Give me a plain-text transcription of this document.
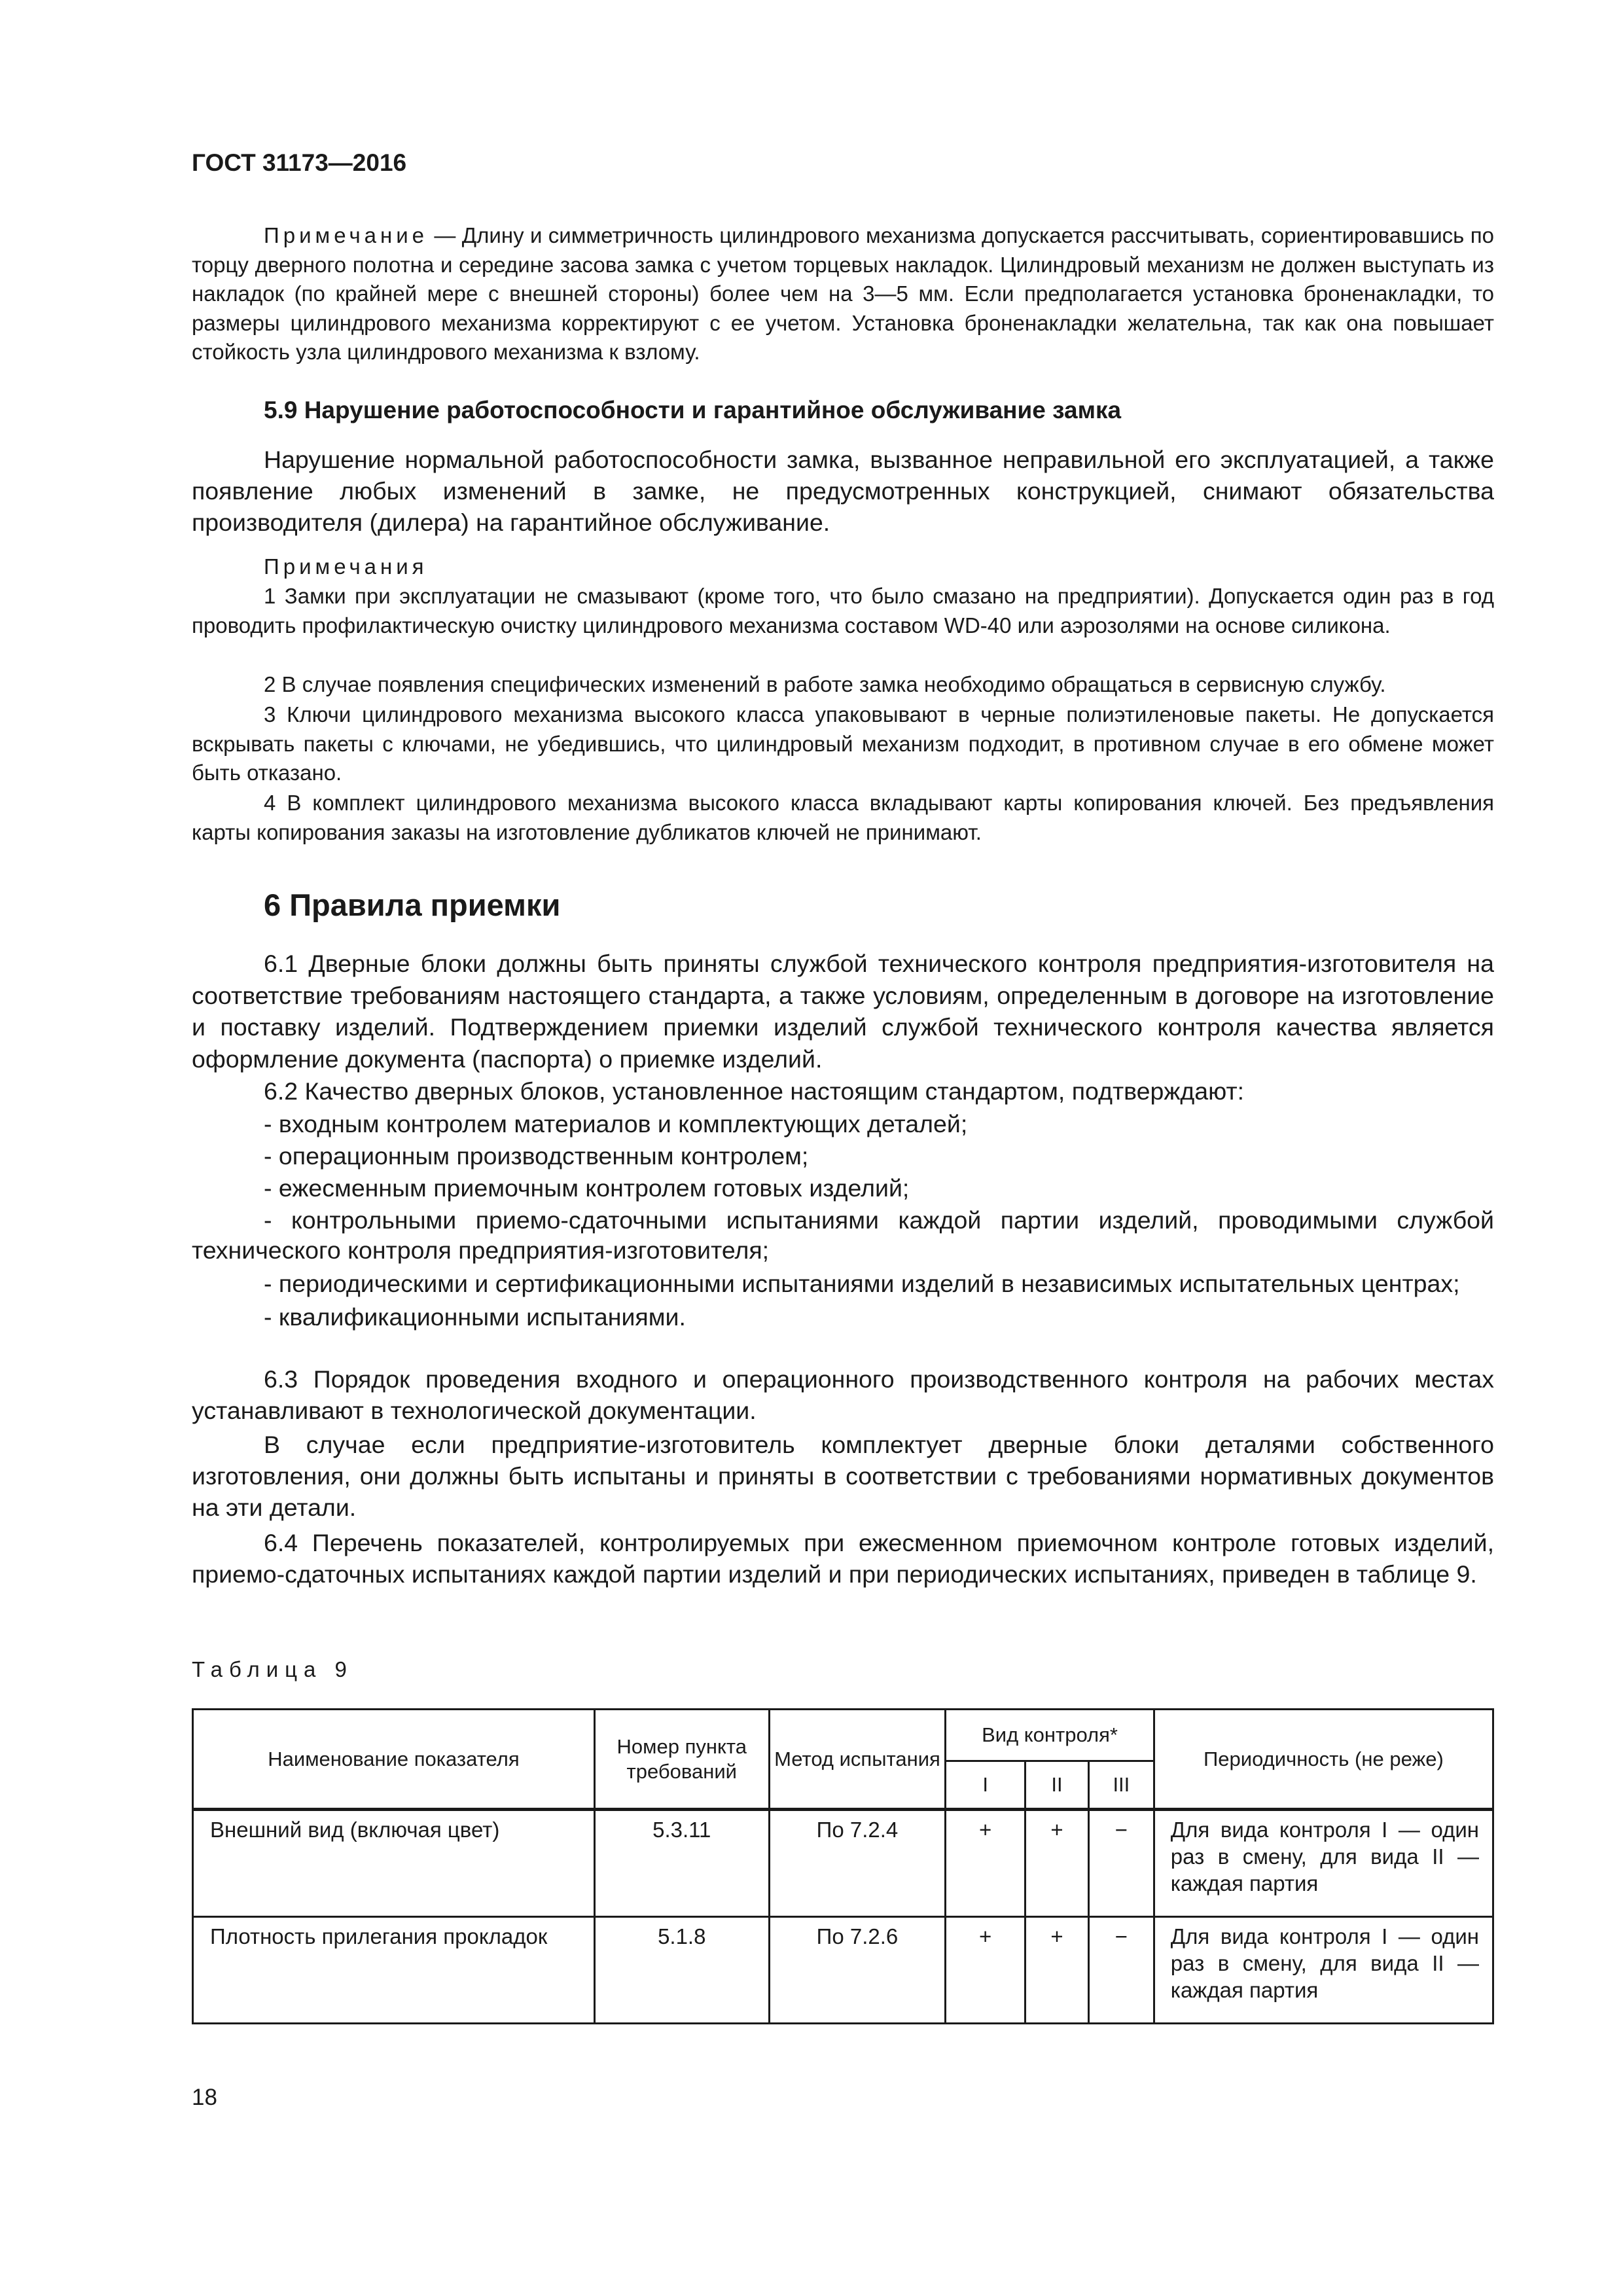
ГОСТ 31173—2016

Примечание — Длину и симметричность цилиндрового механизма допускается рассчитывать, сориентировавшись по торцу дверного полотна и середине засова замка с учетом торцевых накладок. Цилиндровый механизм не должен выступать из накладок (по крайней мере с внешней стороны) более чем на 3—5 мм. Если предполагается установка броненакладки, то размеры цилиндрового механизма корректируют с ее учетом. Установка броненакладки желательна, так как она повышает стойкость узла цилиндрового механизма к взлому.

5.9 Нарушение работоспособности и гарантийное обслуживание замка

Нарушение нормальной работоспособности замка, вызванное неправильной его эксплуатацией, а также появление любых изменений в замке, не предусмотренных конструкцией, снимают обязательства производителя (дилера) на гарантийное обслуживание.

Примечания

1 Замки при эксплуатации не смазывают (кроме того, что было смазано на предприятии). Допускается один раз в год проводить профилактическую очистку цилиндрового механизма составом WD-40 или аэрозолями на основе силикона.

2 В случае появления специфических изменений в работе замка необходимо обращаться в сервисную службу.

3 Ключи цилиндрового механизма высокого класса упаковывают в черные полиэтиленовые пакеты. Не допускается вскрывать пакеты с ключами, не убедившись, что цилиндровый механизм подходит, в противном случае в его обмене может быть отказано.

4 В комплект цилиндрового механизма высокого класса вкладывают карты копирования ключей. Без предъявления карты копирования заказы на изготовление дубликатов ключей не принимают.

6 Правила приемки

6.1 Дверные блоки должны быть приняты службой технического контроля предприятия-изготовителя на соответствие требованиям настоящего стандарта, а также условиям, определенным в договоре на изготовление и поставку изделий. Подтверждением приемки изделий службой технического контроля качества является оформление документа (паспорта) о приемке изделий.

6.2 Качество дверных блоков, установленное настоящим стандартом, подтверждают:

- входным контролем материалов и комплектующих деталей;

- операционным производственным контролем;

- ежесменным приемочным контролем готовых изделий;

- контрольными приемо-сдаточными испытаниями каждой партии изделий, проводимыми службой технического контроля предприятия-изготовителя;

- периодическими и сертификационными испытаниями изделий в независимых испытательных центрах;

- квалификационными испытаниями.

6.3 Порядок проведения входного и операционного производственного контроля на рабочих местах устанавливают в технологической документации.

В случае если предприятие-изготовитель комплектует дверные блоки деталями собственного изготовления, они должны быть испытаны и приняты в соответствии с требованиями нормативных документов на эти детали.

6.4 Перечень показателей, контролируемых при ежесменном приемочном контроле готовых изделий, приемо-сдаточных испытаниях каждой партии изделий и при периодических испытаниях, приведен в таблице 9.

Таблица 9

Наименование показателя	Номер пункта требований	Метод испытания	Вид контроля*			Периодичность (не реже)
			I	II	III	
Внешний вид (включая цвет)	5.3.11	По 7.2.4	+	+	−	Для вида контроля I — один раз в смену, для вида II — каждая партия
Плотность прилегания прокладок	5.1.8	По 7.2.6	+	+	−	Для вида контроля I — один раз в смену, для вида II — каждая партия

18
